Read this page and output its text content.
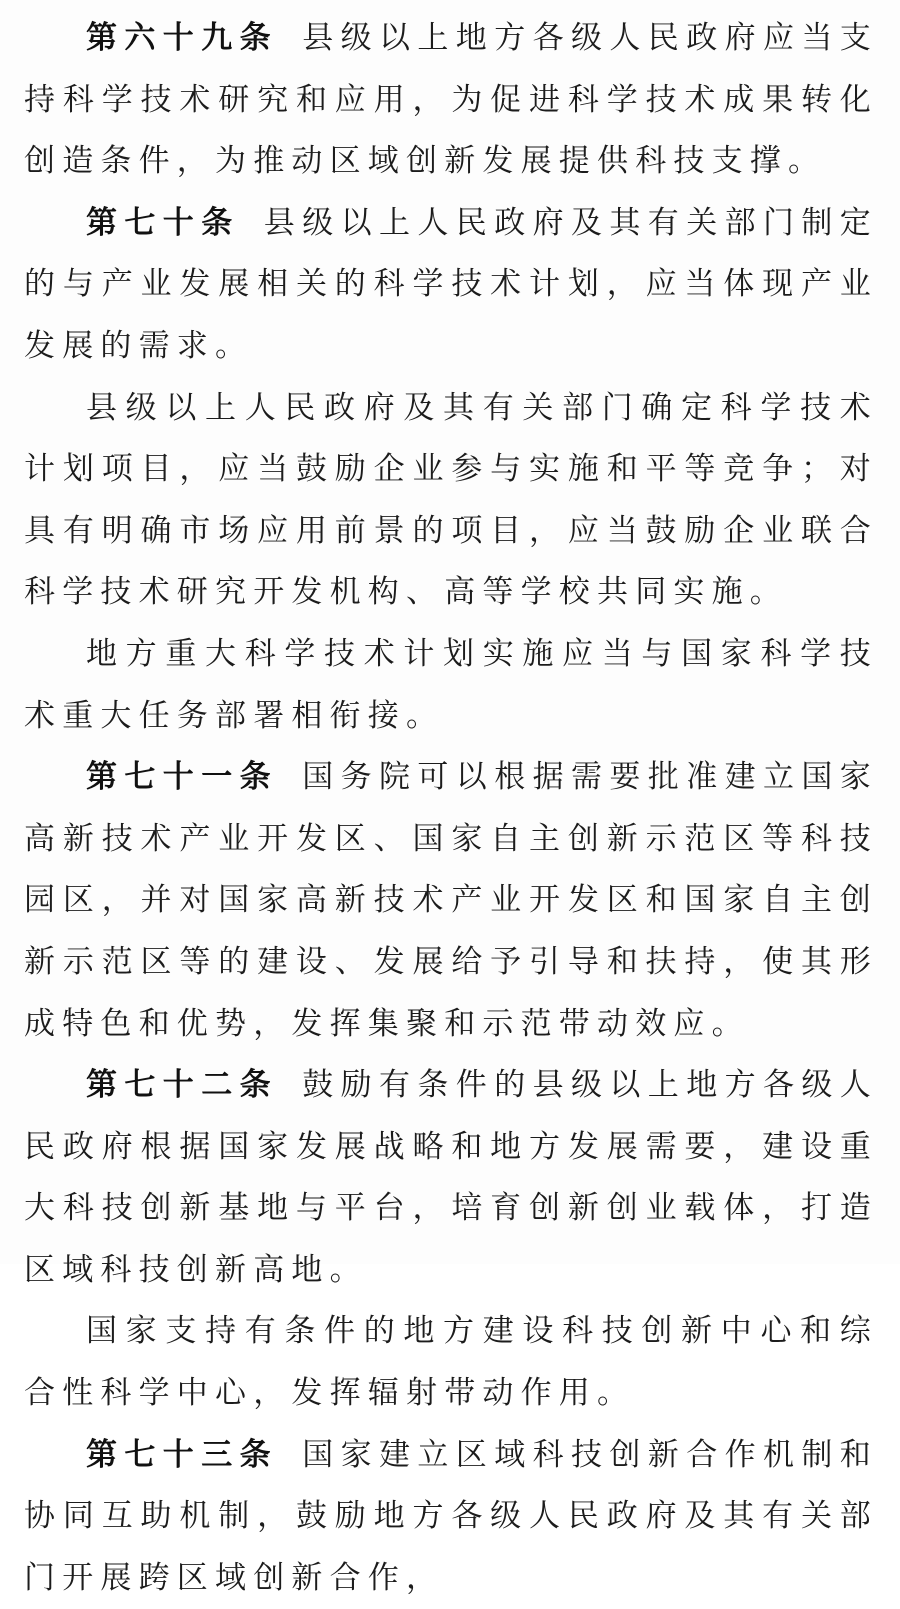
第六十九条 县级以上地方各级人民政府应当支持科学技术研究和应用，为促进科学技术成果转化创造条件，为推动区域创新发展提供科技支撑。

第七十条 县级以上人民政府及其有关部门制定的与产业发展相关的科学技术计划，应当体现产业发展的需求。

县级以上人民政府及其有关部门确定科学技术计划项目，应当鼓励企业参与实施和平等竞争；对具有明确市场应用前景的项目，应当鼓励企业联合科学技术研究开发机构、高等学校共同实施。

地方重大科学技术计划实施应当与国家科学技术重大任务部署相衔接。

第七十一条 国务院可以根据需要批准建立国家高新技术产业开发区、国家自主创新示范区等科技园区，并对国家高新技术产业开发区和国家自主创新示范区等的建设、发展给予引导和扶持，使其形成特色和优势，发挥集聚和示范带动效应。

第七十二条 鼓励有条件的县级以上地方各级人民政府根据国家发展战略和地方发展需要，建设重大科技创新基地与平台，培育创新创业载体，打造区域科技创新高地。

国家支持有条件的地方建设科技创新中心和综合性科学中心，发挥辐射带动作用。

第七十三条 国家建立区域科技创新合作机制和协同互助机制，鼓励地方各级人民政府及其有关部门开展跨区域创新合作，
